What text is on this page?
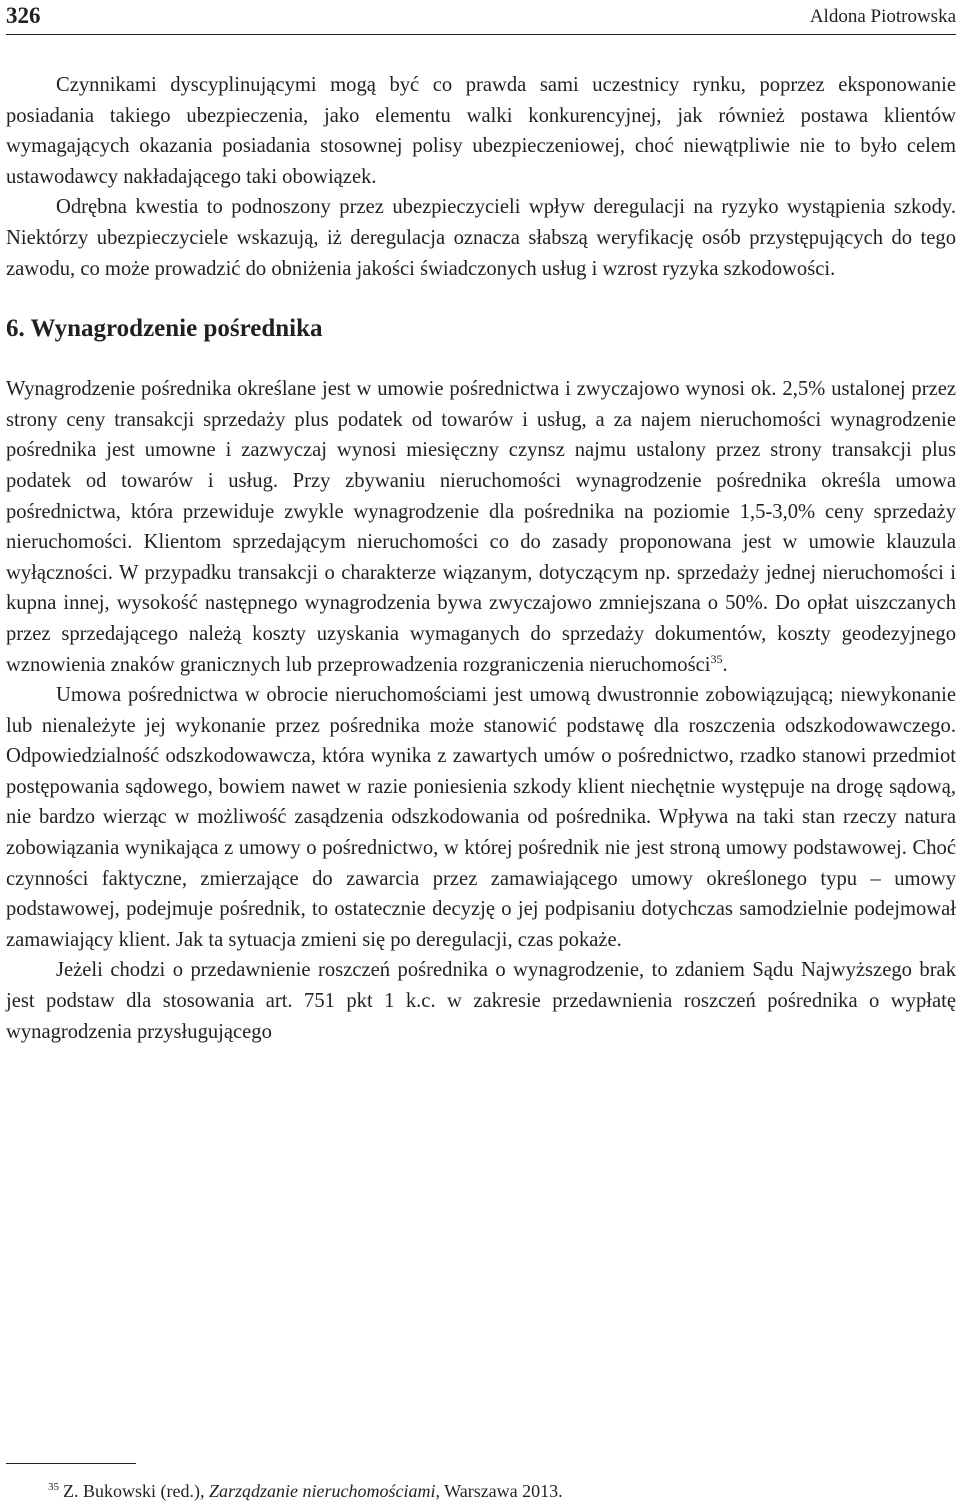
326	Aldona Piotrowska

Czynnikami dyscyplinującymi mogą być co prawda sami uczestnicy rynku, poprzez eksponowanie posiadania takiego ubezpieczenia, jako elementu walki konkurencyjnej, jak również postawa klientów wymagających okazania posiadania stosownej polisy ubezpieczeniowej, choć niewątpliwie nie to było celem ustawodawcy nakładającego taki obowiązek.

Odrębna kwestia to podnoszony przez ubezpieczycieli wpływ deregulacji na ryzyko wystąpienia szkody. Niektórzy ubezpieczyciele wskazują, iż deregulacja oznacza słabszą weryfikację osób przystępujących do tego zawodu, co może prowadzić do obniżenia jakości świadczonych usług i wzrost ryzyka szkodowości.

6. Wynagrodzenie pośrednika

Wynagrodzenie pośrednika określane jest w umowie pośrednictwa i zwyczajowo wynosi ok. 2,5% ustalonej przez strony ceny transakcji sprzedaży plus podatek od towarów i usług, a za najem nieruchomości wynagrodzenie pośrednika jest umowne i zazwyczaj wynosi miesięczny czynsz najmu ustalony przez strony transakcji plus podatek od towarów i usług. Przy zbywaniu nieruchomości wynagrodzenie pośrednika określa umowa pośrednictwa, która przewiduje zwykle wynagrodzenie dla pośrednika na poziomie 1,5-3,0% ceny sprzedaży nieruchomości. Klientom sprzedającym nieruchomości co do zasady proponowana jest w umowie klauzula wyłączności. W przypadku transakcji o charakterze wiązanym, dotyczącym np. sprzedaży jednej nieruchomości i kupna innej, wysokość następnego wynagrodzenia bywa zwyczajowo zmniejszana o 50%. Do opłat uiszczanych przez sprzedającego należą koszty uzyskania wymaganych do sprzedaży dokumentów, koszty geodezyjnego wznowienia znaków granicznych lub przeprowadzenia rozgraniczenia nieruchomości$^{35}$.

Umowa pośrednictwa w obrocie nieruchomościami jest umową dwustronnie zobowiązującą; niewykonanie lub nienależyte jej wykonanie przez pośrednika może stanowić podstawę dla roszczenia odszkodowawczego. Odpowiedzialność odszkodowawcza, która wynika z zawartych umów o pośrednictwo, rzadko stanowi przedmiot postępowania sądowego, bowiem nawet w razie poniesienia szkody klient niechętnie występuje na drogę sądową, nie bardzo wierząc w możliwość zasądzenia odszkodowania od pośrednika. Wpływa na taki stan rzeczy natura zobowiązania wynikająca z umowy o pośrednictwo, w której pośrednik nie jest stroną umowy podstawowej. Choć czynności faktyczne, zmierzające do zawarcia przez zamawiającego umowy określonego typu – umowy podstawowej, podejmuje pośrednik, to ostatecznie decyzję o jej podpisaniu dotychczas samodzielnie podejmował zamawiający klient. Jak ta sytuacja zmieni się po deregulacji, czas pokaże.

Jeżeli chodzi o przedawnienie roszczeń pośrednika o wynagrodzenie, to zdaniem Sądu Najwyższego brak jest podstaw dla stosowania art. 751 pkt 1 k.c. w zakresie przedawnienia roszczeń pośrednika o wypłatę wynagrodzenia przysługującego

$^{35}$ Z. Bukowski (red.), Zarządzanie nieruchomościami, Warszawa 2013.
